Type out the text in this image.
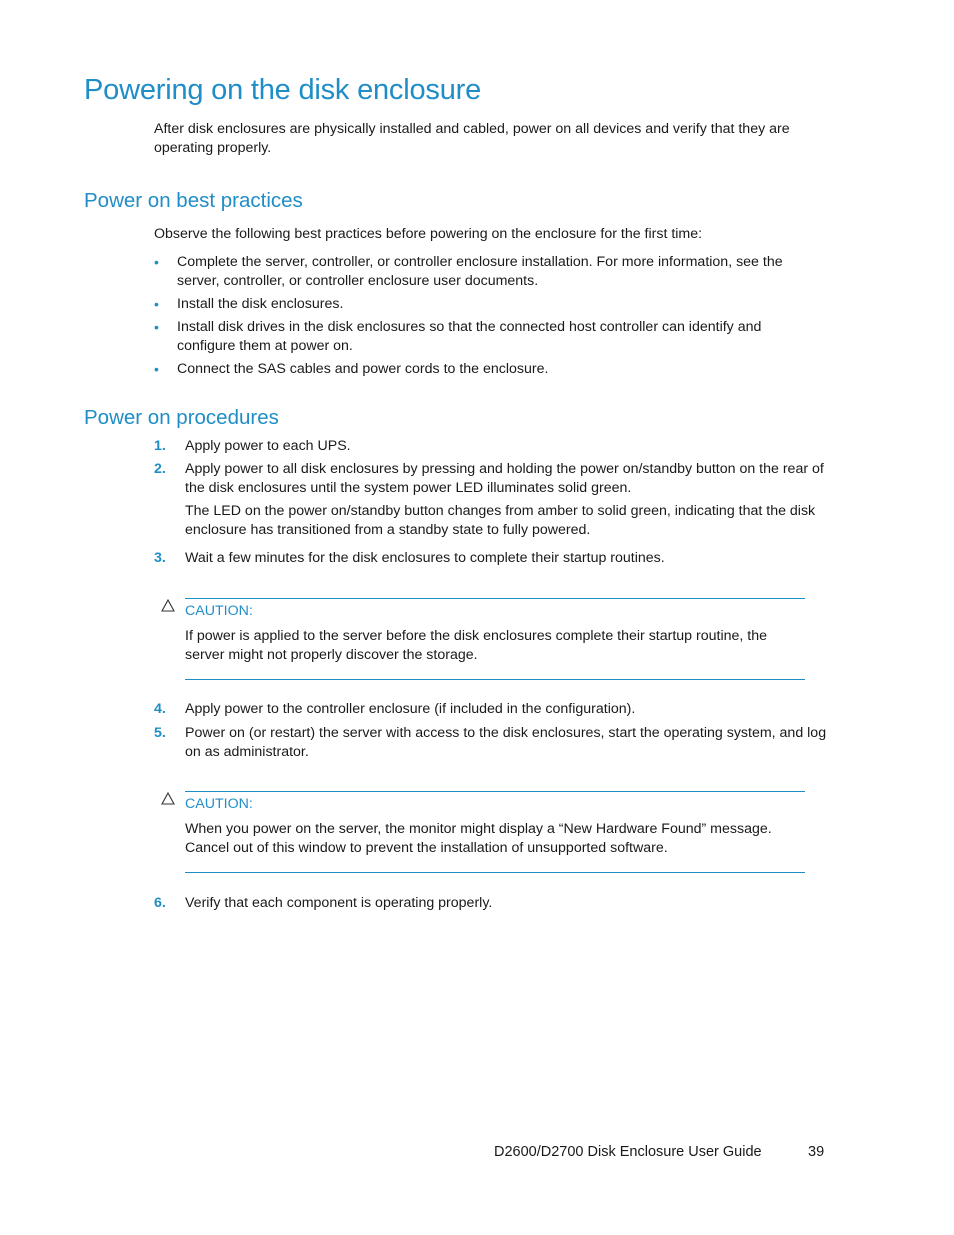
Powering on the disk enclosure

After disk enclosures are physically installed and cabled, power on all devices and verify that they are operating properly.

Power on best practices

Observe the following best practices before powering on the enclosure for the first time:

• Complete the server, controller, or controller enclosure installation. For more information, see the server, controller, or controller enclosure user documents.
• Install the disk enclosures.
• Install disk drives in the disk enclosures so that the connected host controller can identify and configure them at power on.
• Connect the SAS cables and power cords to the enclosure.
Power on procedures
1. Apply power to each UPS.
2. Apply power to all disk enclosures by pressing and holding the power on/standby button on the rear of the disk enclosures until the system power LED illuminates solid green.
The LED on the power on/standby button changes from amber to solid green, indicating that the disk enclosure has transitioned from a standby state to fully powered.
3. Wait a few minutes for the disk enclosures to complete their startup routines.
CAUTION:
If power is applied to the server before the disk enclosures complete their startup routine, the server might not properly discover the storage.
4. Apply power to the controller enclosure (if included in the configuration).
5. Power on (or restart) the server with access to the disk enclosures, start the operating system, and log on as administrator.
CAUTION:
When you power on the server, the monitor might display a “New Hardware Found” message. Cancel out of this window to prevent the installation of unsupported software.
6. Verify that each component is operating properly.
D2600/D2700 Disk Enclosure User Guide	39
